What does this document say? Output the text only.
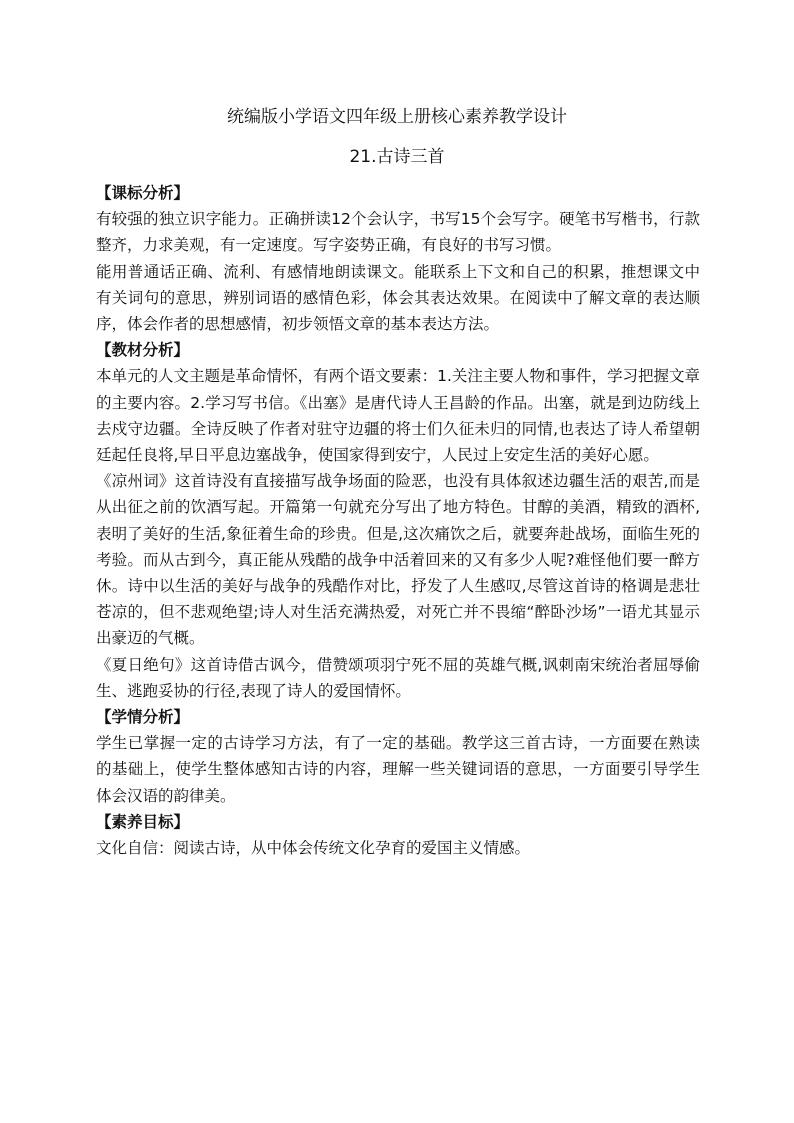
统编版小学语文四年级上册核心素养教学设计
21.古诗三首
【课标分析】

有较强的独立识字能力。正确拼读12个会认字，书写15个会写字。硬笔书写楷书，行款整齐，力求美观，有一定速度。写字姿势正确，有良好的书写习惯。

能用普通话正确、流利、有感情地朗读课文。能联系上下文和自己的积累，推想课文中有关词句的意思，辨别词语的感情色彩，体会其表达效果。在阅读中了解文章的表达顺序，体会作者的思想感情，初步领悟文章的基本表达方法。

【教材分析】

本单元的人文主题是革命情怀，有两个语文要素：1.关注主要人物和事件，学习把握文章的主要内容。2.学习写书信。《出塞》是唐代诗人王昌龄的作品。出塞，就是到边防线上去戍守边疆。全诗反映了作者对驻守边疆的将士们久征未归的同情,也表达了诗人希望朝廷起任良将,早日平息边塞战争，使国家得到安宁，人民过上安定生活的美好心愿。

《凉州词》这首诗没有直接描写战争场面的险恶，也没有具体叙述边疆生活的艰苦,而是从出征之前的饮酒写起。开篇第一句就充分写出了地方特色。甘醇的美酒，精致的酒杯,表明了美好的生活,象征着生命的珍贵。但是,这次痛饮之后，就要奔赴战场，面临生死的考验。而从古到今，真正能从残酷的战争中活着回来的又有多少人呢?难怪他们要一醉方休。诗中以生活的美好与战争的残酷作对比，抒发了人生感叹,尽管这首诗的格调是悲壮苍凉的，但不悲观绝望;诗人对生活充满热爱，对死亡并不畏缩“醉卧沙场”一语尤其显示出豪迈的气概。

《夏日绝句》这首诗借古讽今，借赞颂项羽宁死不屈的英雄气概,讽刺南宋统治者屈辱偷生、逃跑妥协的行径,表现了诗人的爱国情怀。

【学情分析】

学生已掌握一定的古诗学习方法，有了一定的基础。教学这三首古诗，一方面要在熟读的基础上，使学生整体感知古诗的内容，理解一些关键词语的意思，一方面要引导学生体会汉语的韵律美。

【素养目标】

文化自信：阅读古诗，从中体会传统文化孕育的爱国主义情感。
